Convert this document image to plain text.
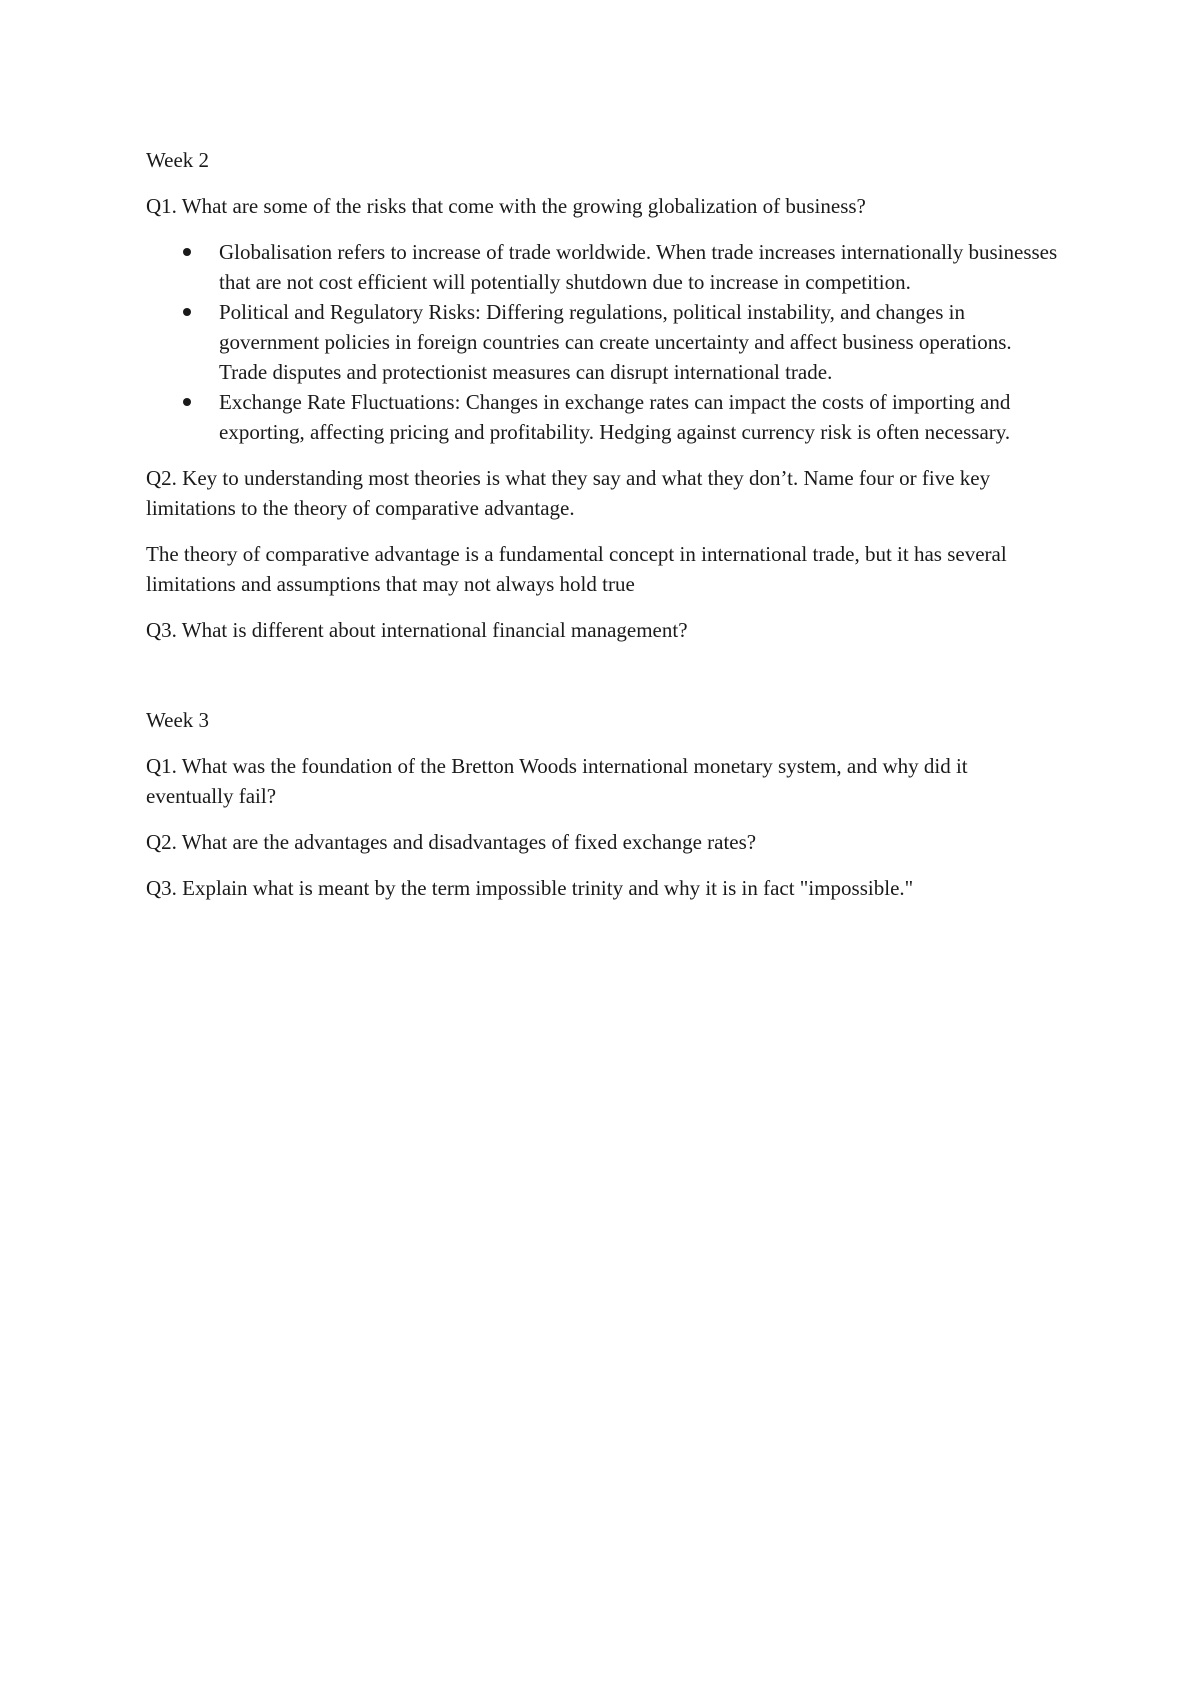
Week 2

Q1. What are some of the risks that come with the growing globalization of business?

Globalisation refers to increase of trade worldwide. When trade increases internationally businesses that are not cost efficient will potentially shutdown due to increase in competition.
Political and Regulatory Risks: Differing regulations, political instability, and changes in government policies in foreign countries can create uncertainty and affect business operations. Trade disputes and protectionist measures can disrupt international trade.
Exchange Rate Fluctuations: Changes in exchange rates can impact the costs of importing and exporting, affecting pricing and profitability. Hedging against currency risk is often necessary.

Q2. Key to understanding most theories is what they say and what they don’t. Name four or five key limitations to the theory of comparative advantage.

The theory of comparative advantage is a fundamental concept in international trade, but it has several limitations and assumptions that may not always hold true

Q3. What is different about international financial management?

Week 3

Q1. What was the foundation of the Bretton Woods international monetary system, and why did it eventually fail?

Q2. What are the advantages and disadvantages of fixed exchange rates?

Q3. Explain what is meant by the term impossible trinity and why it is in fact "impossible."
